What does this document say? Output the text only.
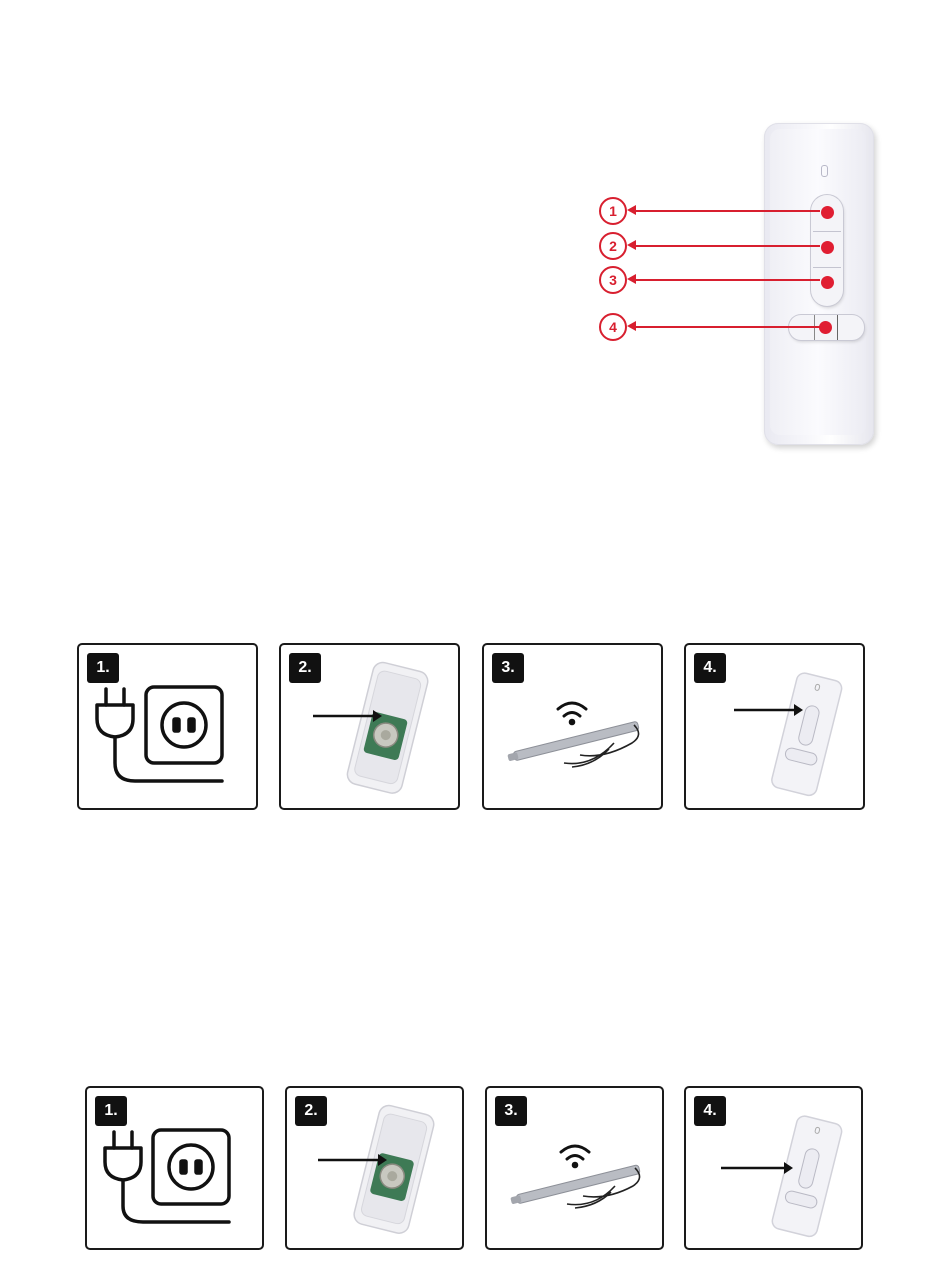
1
2
3
4
1.	2.	3.	4.
1.	2.	3.	4.
